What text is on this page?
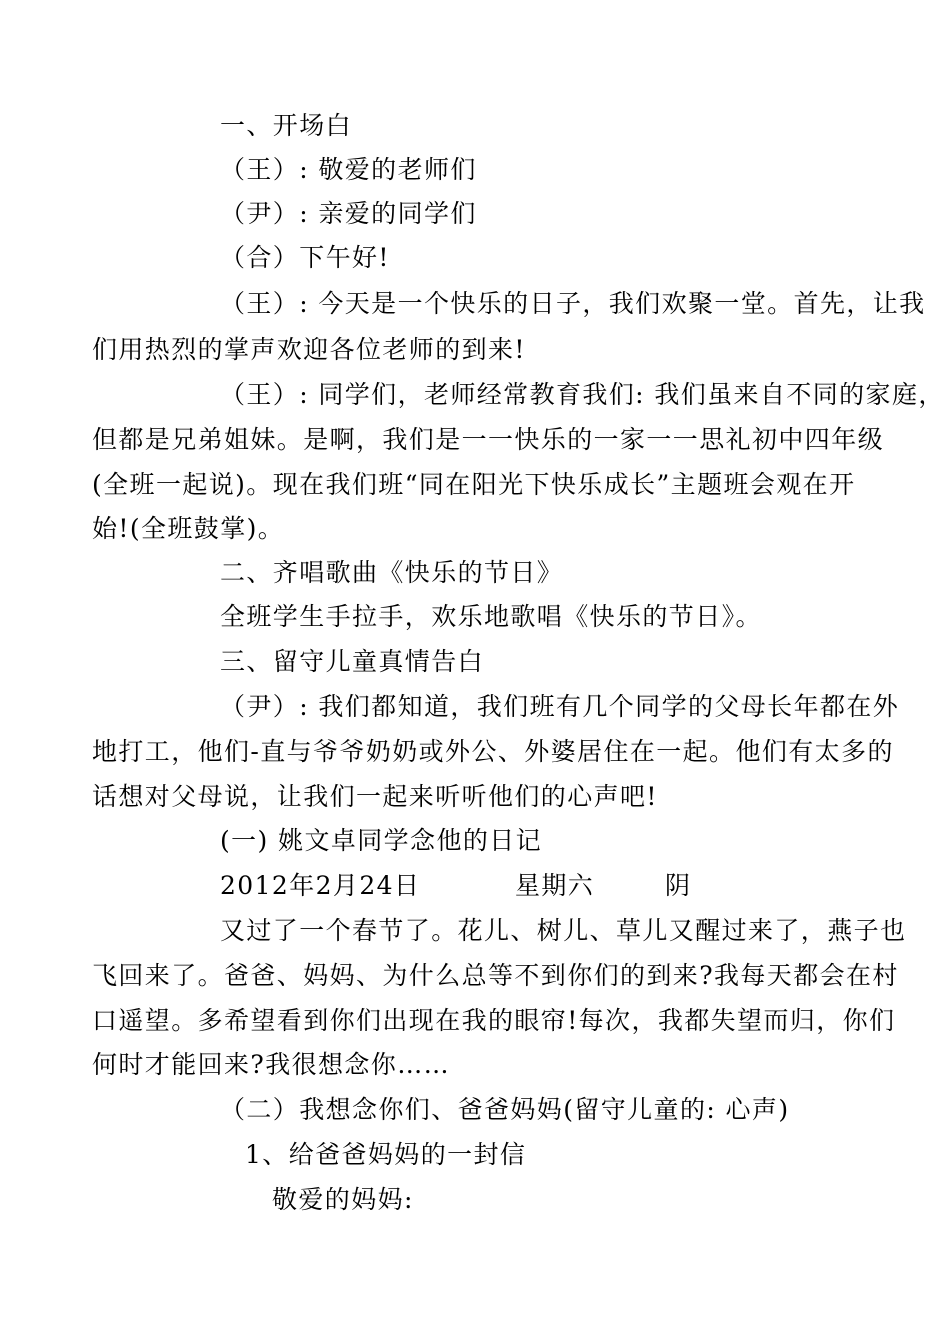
一、开场白
（王）: 敬爱的老师们
（尹）: 亲爱的同学们
（合）下午好!
（王）: 今天是一个快乐的日子，我们欢聚一堂。首先，让我
们用热烈的掌声欢迎各位老师的到来!
（王）: 同学们，老师经常教育我们: 我们虽来自不同的家庭，
但都是兄弟姐妹。是啊，我们是一一快乐的一家一一思礼初中四年级
(全班一起说)。现在我们班“同在阳光下快乐成长”主题班会观在开
始!(全班鼓掌)。
二、齐唱歌曲《快乐的节日》
全班学生手拉手，欢乐地歌唱《快乐的节日》。
三、留守儿童真情告白
（尹）: 我们都知道，我们班有几个同学的父母长年都在外
地打工，他们-直与爷爷奶奶或外公、外婆居住在一起。他们有太多的
话想对父母说，让我们一起来听听他们的心声吧!
(一) 姚文卓同学念他的日记
2012年2月24日	星期六	阴
又过了一个春节了。花儿、树儿、草儿又醒过来了，燕子也
飞回来了。爸爸、妈妈、为什么总等不到你们的到来?我每天都会在村
口遥望。多希望看到你们出现在我的眼帘!每次，我都失望而归，你们
何时才能回来?我很想念你……
（二）我想念你们、爸爸妈妈(留守儿童的: 心声)
1、给爸爸妈妈的一封信
敬爱的妈妈:
